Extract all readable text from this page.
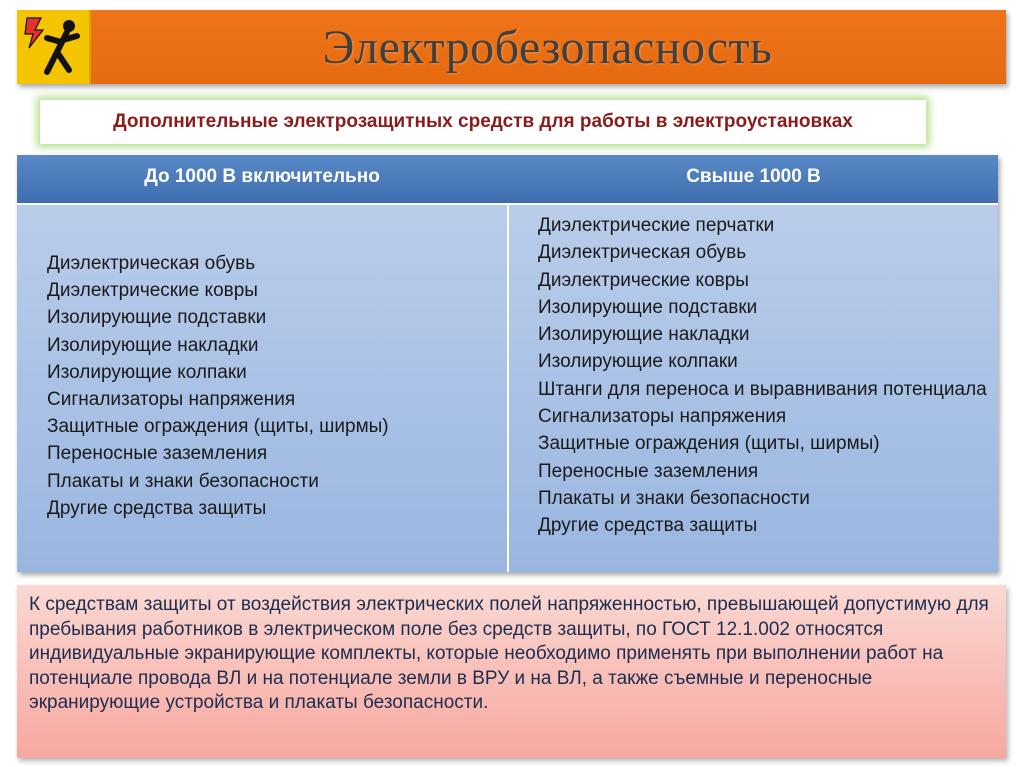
Электробезопасность
Дополнительные электрозащитных средств для работы в электроустановках
До 1000 В включительно	Свыше 1000 В
Диэлектрическая обувь
Диэлектрические ковры
Изолирующие подставки
Изолирующие накладки
Изолирующие колпаки
Сигнализаторы напряжения
Защитные ограждения (щиты, ширмы)
Переносные заземления
Плакаты и знаки безопасности
Другие средства защиты
Диэлектрические перчатки
Диэлектрическая обувь
Диэлектрические ковры
Изолирующие подставки
Изолирующие накладки
Изолирующие колпаки
Штанги для переноса и выравнивания потенциала
Сигнализаторы напряжения
Защитные ограждения (щиты, ширмы)
Переносные заземления
Плакаты и знаки безопасности
Другие средства защиты

К средствам защиты от воздействия электрических полей напряженностью, превышающей допустимую для пребывания работников в электрическом поле без средств защиты, по ГОСТ 12.1.002 относятся индивидуальные экранирующие комплекты, которые необходимо применять при выполнении работ на потенциале провода ВЛ и на потенциале земли в ВРУ и на ВЛ, а также съемные и переносные экранирующие устройства и плакаты безопасности.
